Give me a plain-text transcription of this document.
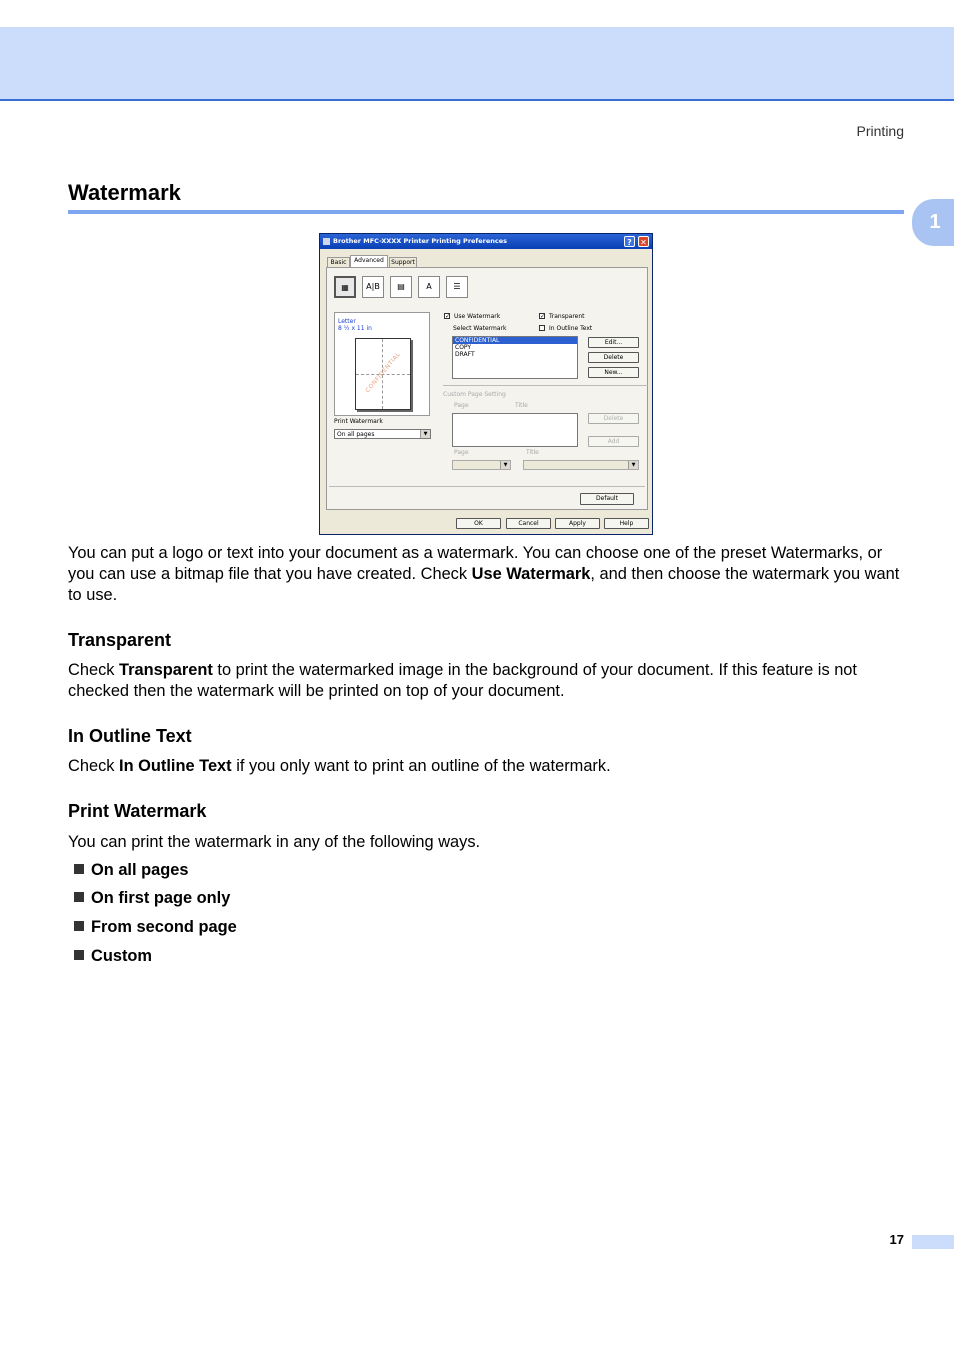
Printing
1
Watermark
Brother MFC-XXXX Printer Printing Preferences	?	✕
Basic	Advanced	Support
▦	A|B	▤	A	☰
Letter
8 ½ x 11 in
CONFIDENTIAL
Print Watermark
On all pages	▼
✓ Use Watermark	✓ Transparent
In Outline Text
Select Watermark
CONFIDENTIAL
COPY
DRAFT
Edit...
Delete
New...
Custom Page Setting
Page	Title
Delete
Add
Page	Title
▼	▼
Default
OK	Cancel	Apply	Help
You can put a logo or text into your document as a watermark. You can choose one of the preset Watermarks, or you can use a bitmap file that you have created. Check Use Watermark, and then choose the watermark you want to use.
Transparent
Check Transparent to print the watermarked image in the background of your document. If this feature is not checked then the watermark will be printed on top of your document.
In Outline Text
Check In Outline Text if you only want to print an outline of the watermark.
Print Watermark
You can print the watermark in any of the following ways.
On all pages
On first page only
From second page
Custom
17
